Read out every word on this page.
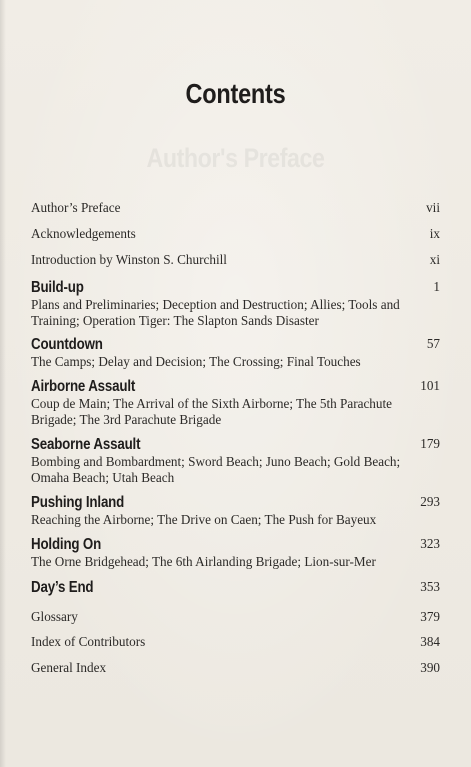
Author's Preface
Contents
Author’s Preface	vii
Acknowledgements	ix
Introduction by Winston S. Churchill	xi
Build-up	1
Plans and Preliminaries; Deception and Destruction; Allies; Tools and Training; Operation Tiger: The Slapton Sands Disaster
Countdown	57
The Camps; Delay and Decision; The Crossing; Final Touches
Airborne Assault	101
Coup de Main; The Arrival of the Sixth Airborne; The 5th Parachute Brigade; The 3rd Parachute Brigade
Seaborne Assault	179
Bombing and Bombardment; Sword Beach; Juno Beach; Gold Beach; Omaha Beach; Utah Beach
Pushing Inland	293
Reaching the Airborne; The Drive on Caen; The Push for Bayeux
Holding On	323
The Orne Bridgehead; The 6th Airlanding Brigade; Lion-sur-Mer
Day’s End	353
Glossary	379
Index of Contributors	384
General Index	390
